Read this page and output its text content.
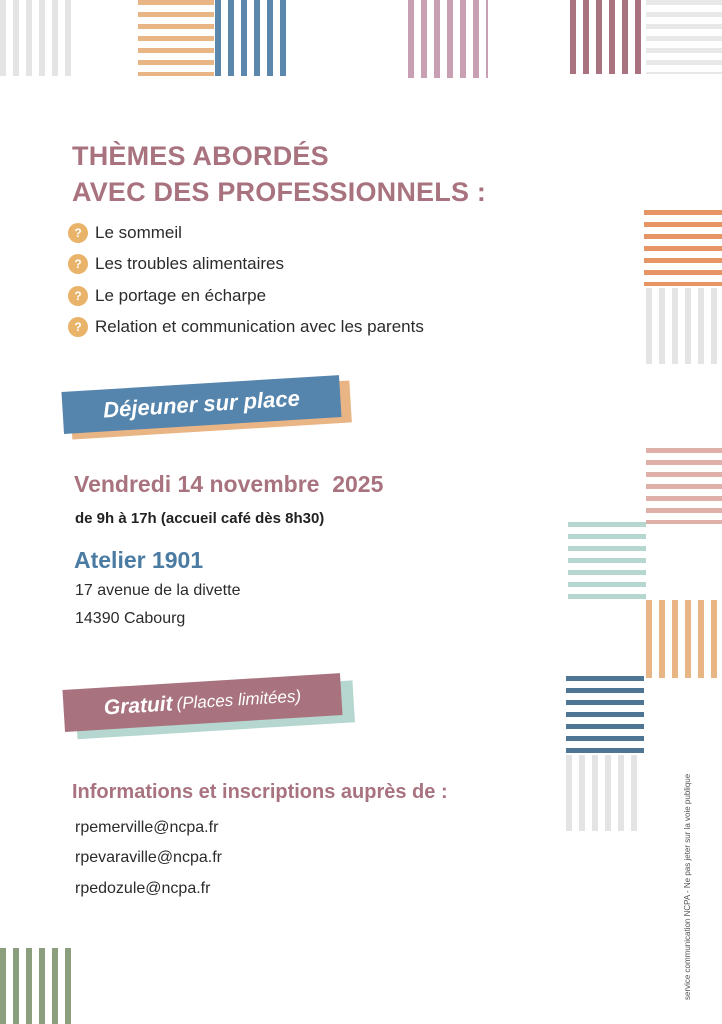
THÈMES ABORDÉS
AVEC DES PROFESSIONNELS :
? Le sommeil
? Les troubles alimentaires
? Le portage en écharpe
? Relation et communication avec les parents
Déjeuner sur place
Vendredi 14 novembre  2025
de 9h à 17h (accueil café dès 8h30)
Atelier 1901
17 avenue de la divette
14390 Cabourg
Gratuit (Places limitées)
Informations et inscriptions auprès de :
rpemerville@ncpa.fr
rpevaraville@ncpa.fr
rpedozule@ncpa.fr	service communication NCPA - Ne pas jeter sur la voie publique
